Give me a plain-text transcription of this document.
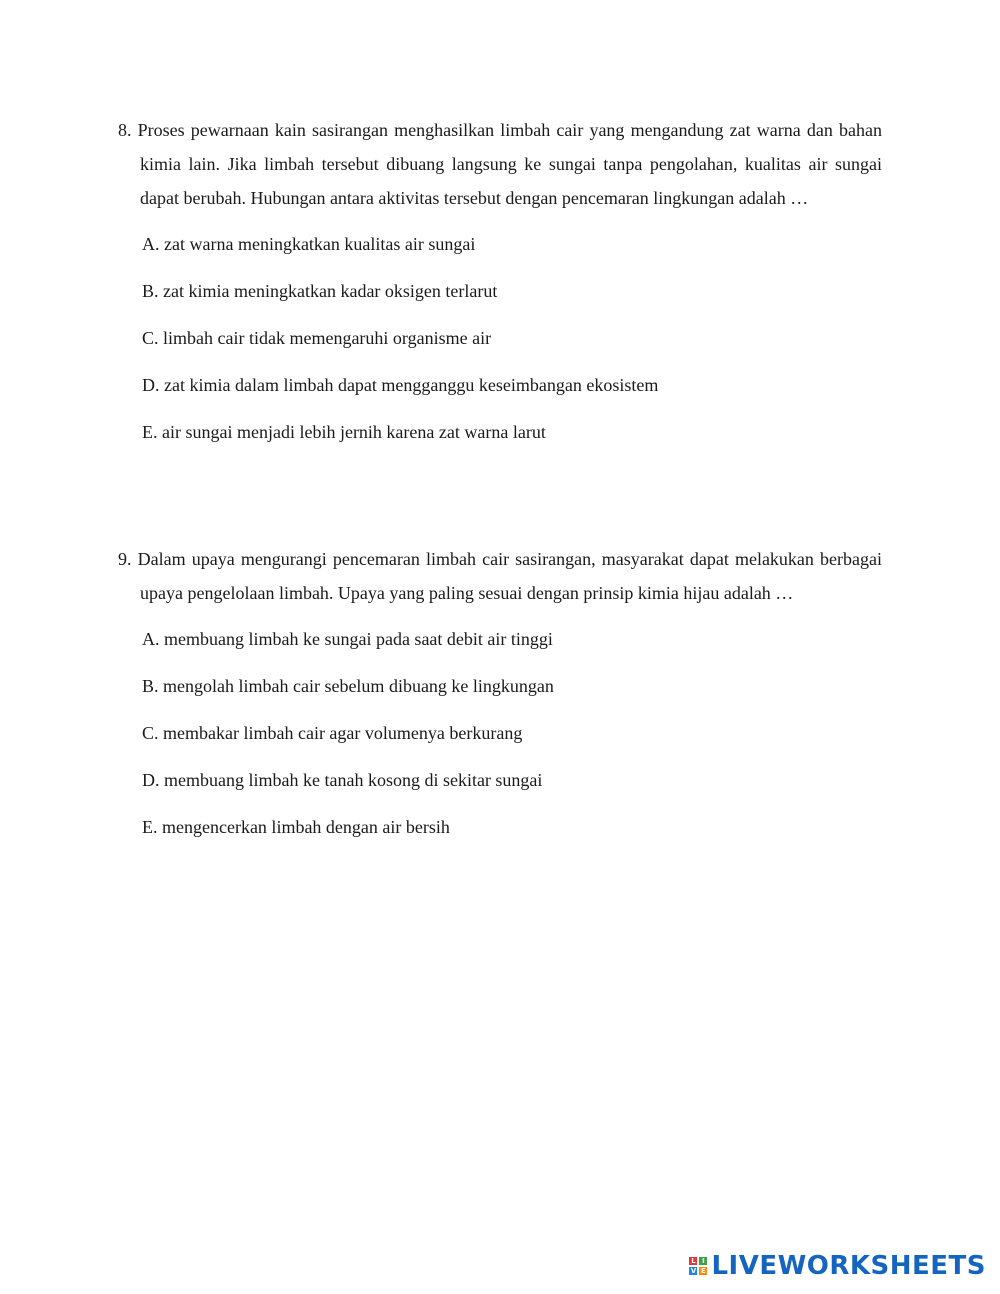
8. Proses pewarnaan kain sasirangan menghasilkan limbah cair yang mengandung zat warna dan bahan kimia lain. Jika limbah tersebut dibuang langsung ke sungai tanpa pengolahan, kualitas air sungai dapat berubah. Hubungan antara aktivitas tersebut dengan pencemaran lingkungan adalah …

A. zat warna meningkatkan kualitas air sungai
B. zat kimia meningkatkan kadar oksigen terlarut
C. limbah cair tidak memengaruhi organisme air
D. zat kimia dalam limbah dapat mengganggu keseimbangan ekosistem
E. air sungai menjadi lebih jernih karena zat warna larut

9. Dalam upaya mengurangi pencemaran limbah cair sasirangan, masyarakat dapat melakukan berbagai upaya pengelolaan limbah. Upaya yang paling sesuai dengan prinsip kimia hijau adalah …

A. membuang limbah ke sungai pada saat debit air tinggi
B. mengolah limbah cair sebelum dibuang ke lingkungan
C. membakar limbah cair agar volumenya berkurang
D. membuang limbah ke tanah kosong di sekitar sungai
E. mengencerkan limbah dengan air bersih
L I
V E LIVEWORKSHEETS
